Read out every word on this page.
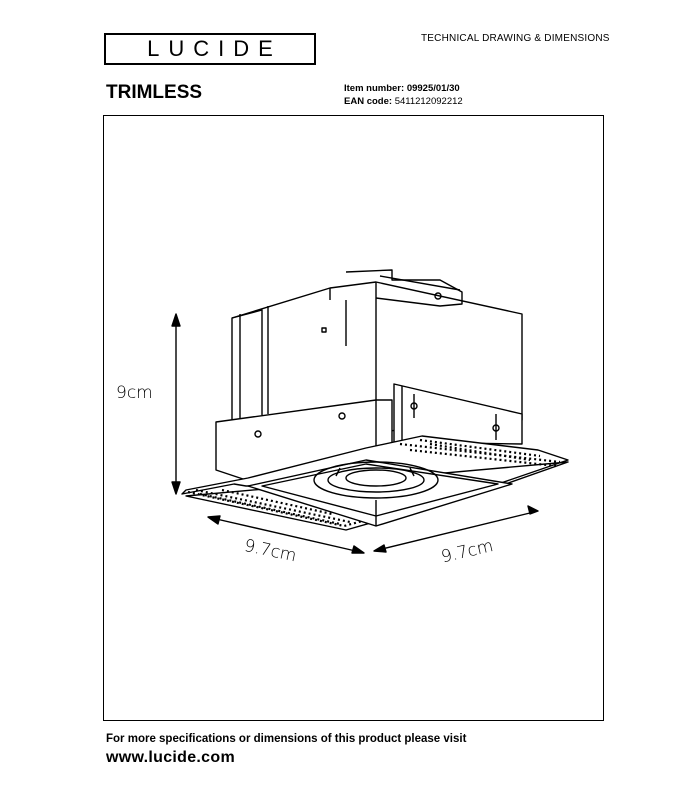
LUCIDE	TECHNICAL DRAWING & DIMENSIONS
TRIMLESS	Item number: 09925/01/30
EAN code: 5411212092212
9cm
9.7cm	9.7cm
For more specifications or dimensions of this product please visit
www.lucide.com
